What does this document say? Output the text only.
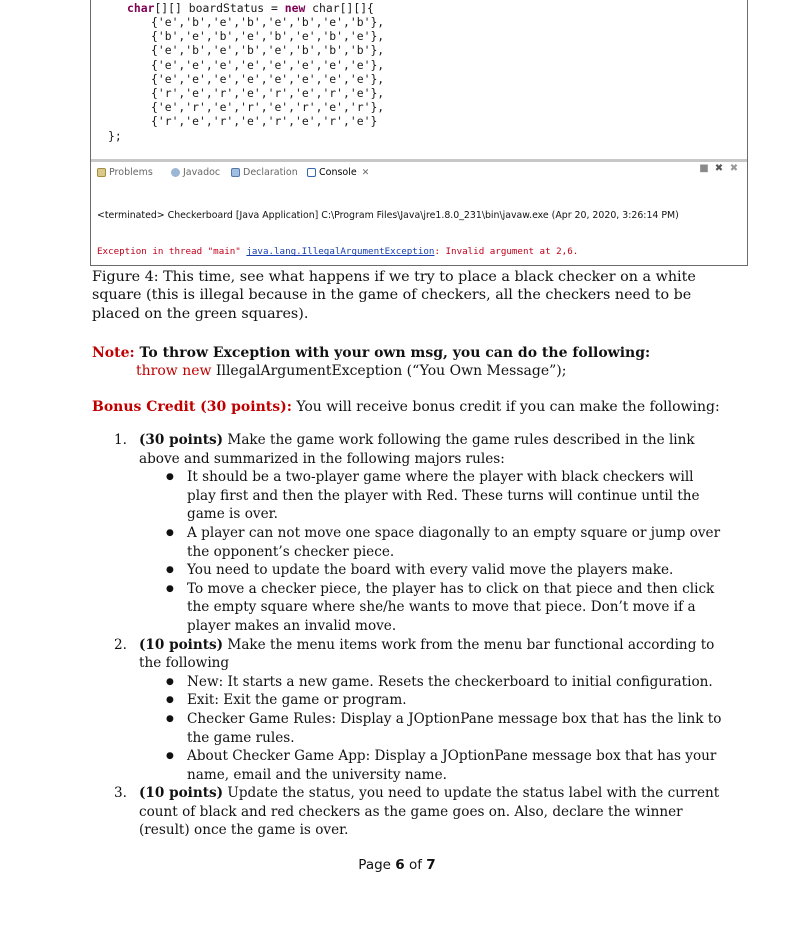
char[][] boardStatus = new char[][]{

{'e','b','e','b','e','b','e','b'},

{'b','e','b','e','b','e','b','e'},

{'e','b','e','b','e','b','b','b'},

{'e','e','e','e','e','e','e','e'},

{'e','e','e','e','e','e','e','e'},

{'r','e','r','e','r','e','r','e'},

{'e','r','e','r','e','r','e','r'},

{'r','e','r','e','r','e','r','e'}

};

Problems	Javadoc Declaration Console ✕	■ ✖ ✖

<terminated> Checkerboard [Java Application] C:\Program Files\Java\jre1.8.0_231\bin\javaw.exe (Apr 20, 2020, 3:26:14 PM)

Exception in thread "main" java.lang.IllegalArgumentException: Invalid argument at 2,6.

Figure 4: This time, see what happens if we try to place a black checker on a white square (this is illegal because in the game of checkers, all the checkers need to be placed on the green squares).

Note: To throw Exception with your own msg, you can do the following:
throw new IllegalArgumentException (“You Own Message”);

Bonus Credit (30 points): You will receive bonus credit if you can make the following:

1. (30 points) Make the game work following the game rules described in the link above and summarized in the following majors rules:
● It should be a two-player game where the player with black checkers will play first and then the player with Red. These turns will continue until the game is over.
● A player can not move one space diagonally to an empty square or jump over the opponent’s checker piece.
● You need to update the board with every valid move the players make.
● To move a checker piece, the player has to click on that piece and then click the empty square where she/he wants to move that piece. Don’t move if a player makes an invalid move.
2. (10 points) Make the menu items work from the menu bar functional according to the following
● New: It starts a new game. Resets the checkerboard to initial configuration.
● Exit: Exit the game or program.
● Checker Game Rules: Display a JOptionPane message box that has the link to the game rules.
● About Checker Game App: Display a JOptionPane message box that has your name, email and the university name.
3. (10 points) Update the status, you need to update the status label with the current count of black and red checkers as the game goes on. Also, declare the winner (result) once the game is over.
Page 6 of 7
